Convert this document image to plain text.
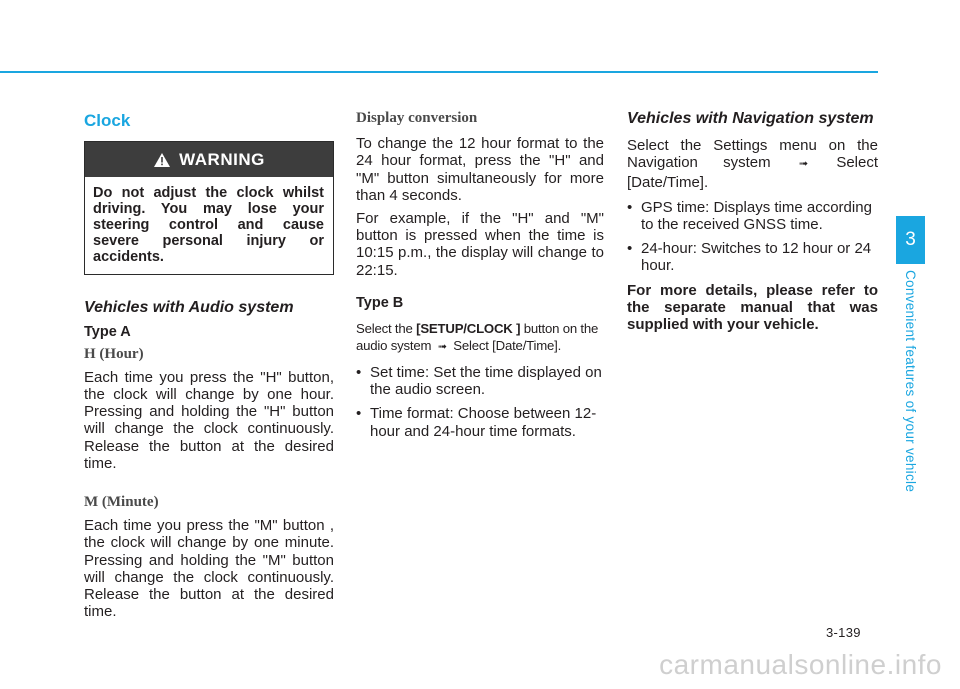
Clock
WARNING
Do not adjust the clock whilst driving. You may lose your steering control and cause severe personal injury or accidents.
Vehicles with Audio system
Type A
H (Hour)

Each time you press the "H" button, the clock will change by one hour. Pressing and holding the "H" button will change the clock continuously. Release the button at the desired time.

M (Minute)

Each time you press the "M" button , the clock will change by one minute. Pressing and holding the "M" button will change the clock continuously. Release the button at the desired time.

Display conversion

To change the 12 hour format to the 24 hour format, press the "H" and "M" button simultaneously for more than 4 seconds.

For example, if the "H" and "M" button is pressed when the time is 10:15 p.m., the display will change to 22:15.

Type B

Select the [SETUP/CLOCK ] button on the audio system ➟ Select [Date/Time].

• Set time: Set the time displayed on the audio screen.
• Time format: Choose between 12-hour and 24-hour time formats.
Vehicles with Navigation system

Select the Settings menu on the Navigation system ➟ Select [Date/Time].

• GPS time: Displays time according to the received GNSS time.
• 24-hour: Switches to 12 hour or 24 hour.

For more details, please refer to the separate manual that was supplied with your vehicle.

3
Convenient features of your vehicle
3-139
carmanualsonline.info
